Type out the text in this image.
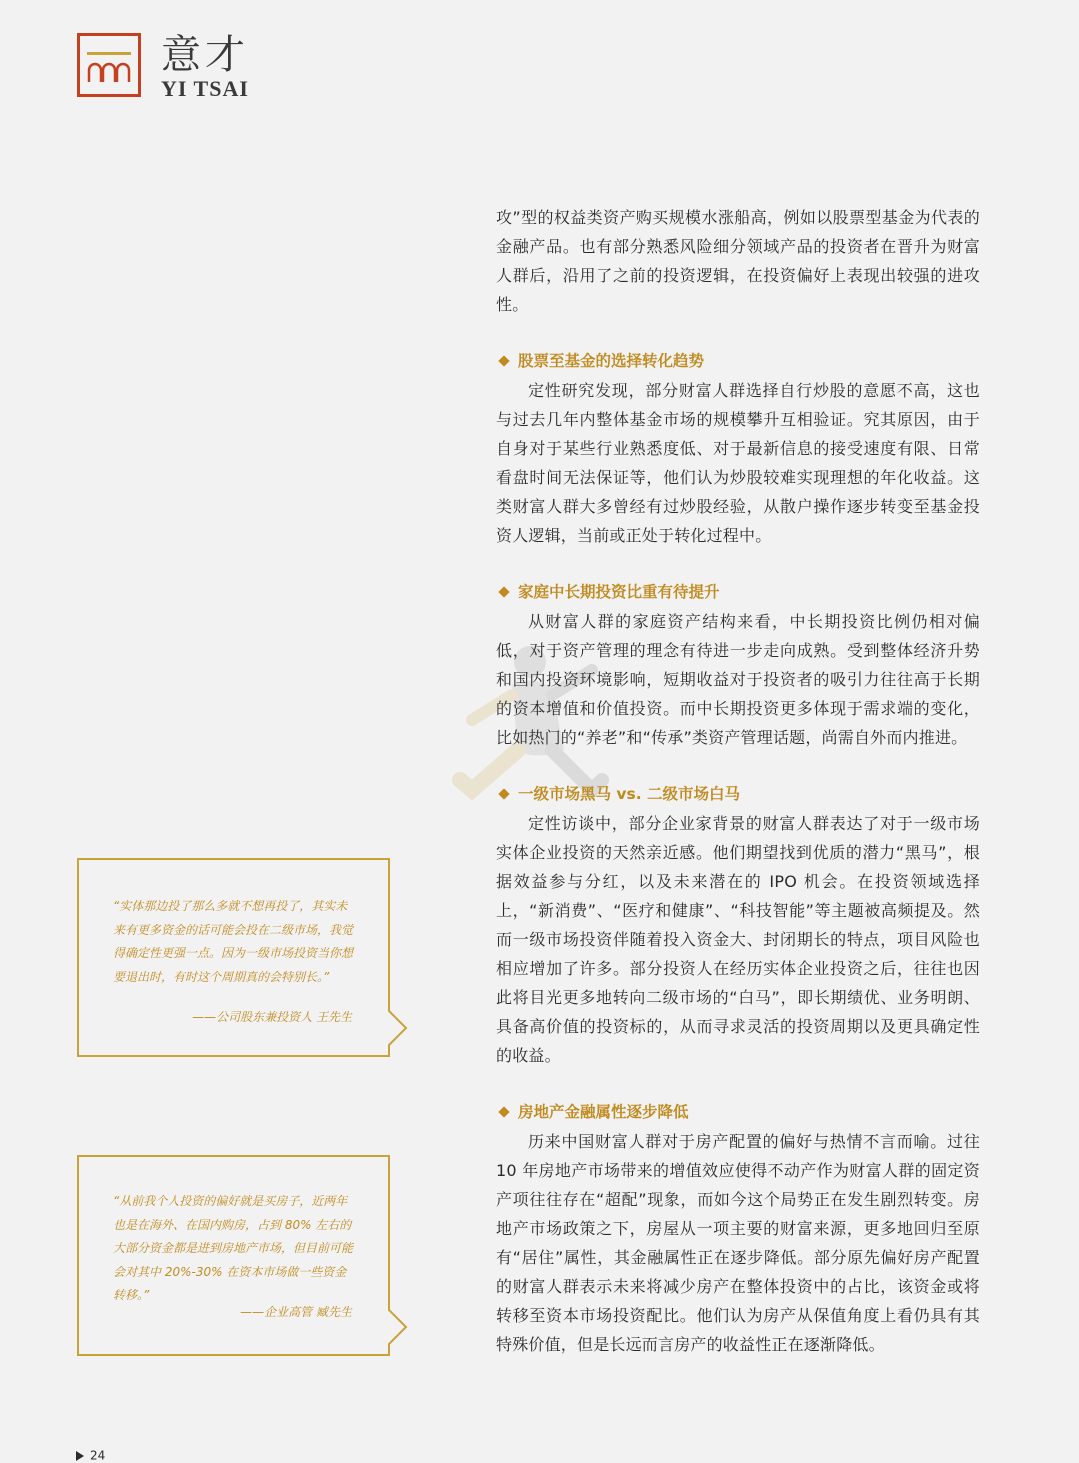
意才
YI TSAI

攻”型的权益类资产购买规模水涨船高，例如以股票型基金为代表的金融产品。也有部分熟悉风险细分领域产品的投资者在晋升为财富人群后，沿用了之前的投资逻辑，在投资偏好上表现出较强的进攻性。

股票至基金的选择转化趋势

定性研究发现，部分财富人群选择自行炒股的意愿不高，这也与过去几年内整体基金市场的规模攀升互相验证。究其原因，由于自身对于某些行业熟悉度低、对于最新信息的接受速度有限、日常看盘时间无法保证等，他们认为炒股较难实现理想的年化收益。这类财富人群大多曾经有过炒股经验，从散户操作逐步转变至基金投资人逻辑，当前或正处于转化过程中。

家庭中长期投资比重有待提升

从财富人群的家庭资产结构来看，中长期投资比例仍相对偏低，对于资产管理的理念有待进一步走向成熟。受到整体经济升势和国内投资环境影响，短期收益对于投资者的吸引力往往高于长期的资本增值和价值投资。而中长期投资更多体现于需求端的变化，比如热门的“养老”和“传承”类资产管理话题，尚需自外而内推进。

一级市场黑马 vs. 二级市场白马

定性访谈中，部分企业家背景的财富人群表达了对于一级市场实体企业投资的天然亲近感。他们期望找到优质的潜力“黑马”，根据效益参与分红，以及未来潜在的 IPO 机会。在投资领域选择上，“新消费”、“医疗和健康”、“科技智能”等主题被高频提及。然而一级市场投资伴随着投入资金大、封闭期长的特点，项目风险也相应增加了许多。部分投资人在经历实体企业投资之后，往往也因此将目光更多地转向二级市场的“白马”，即长期绩优、业务明朗、具备高价值的投资标的，从而寻求灵活的投资周期以及更具确定性的收益。

房地产金融属性逐步降低

历来中国财富人群对于房产配置的偏好与热情不言而喻。过往 10 年房地产市场带来的增值效应使得不动产作为财富人群的固定资产项往往存在“超配”现象，而如今这个局势正在发生剧烈转变。房地产市场政策之下，房屋从一项主要的财富来源，更多地回归至原有“居住”属性，其金融属性正在逐步降低。部分原先偏好房产配置的财富人群表示未来将减少房产在整体投资中的占比，该资金或将转移至资本市场投资配比。他们认为房产从保值角度上看仍具有其特殊价值，但是长远而言房产的收益性正在逐渐降低。

“实体那边投了那么多就不想再投了，其实未来有更多资金的话可能会投在二级市场，我觉得确定性更强一点。因为一级市场投资当你想要退出时，有时这个周期真的会特别长。”

——公司股东兼投资人 王先生

“从前我个人投资的偏好就是买房子，近两年也是在海外、在国内购房，占到 80% 左右的大部分资金都是进到房地产市场，但目前可能会对其中 20%-30% 在资本市场做一些资金转移。”

——企业高管 臧先生
24
